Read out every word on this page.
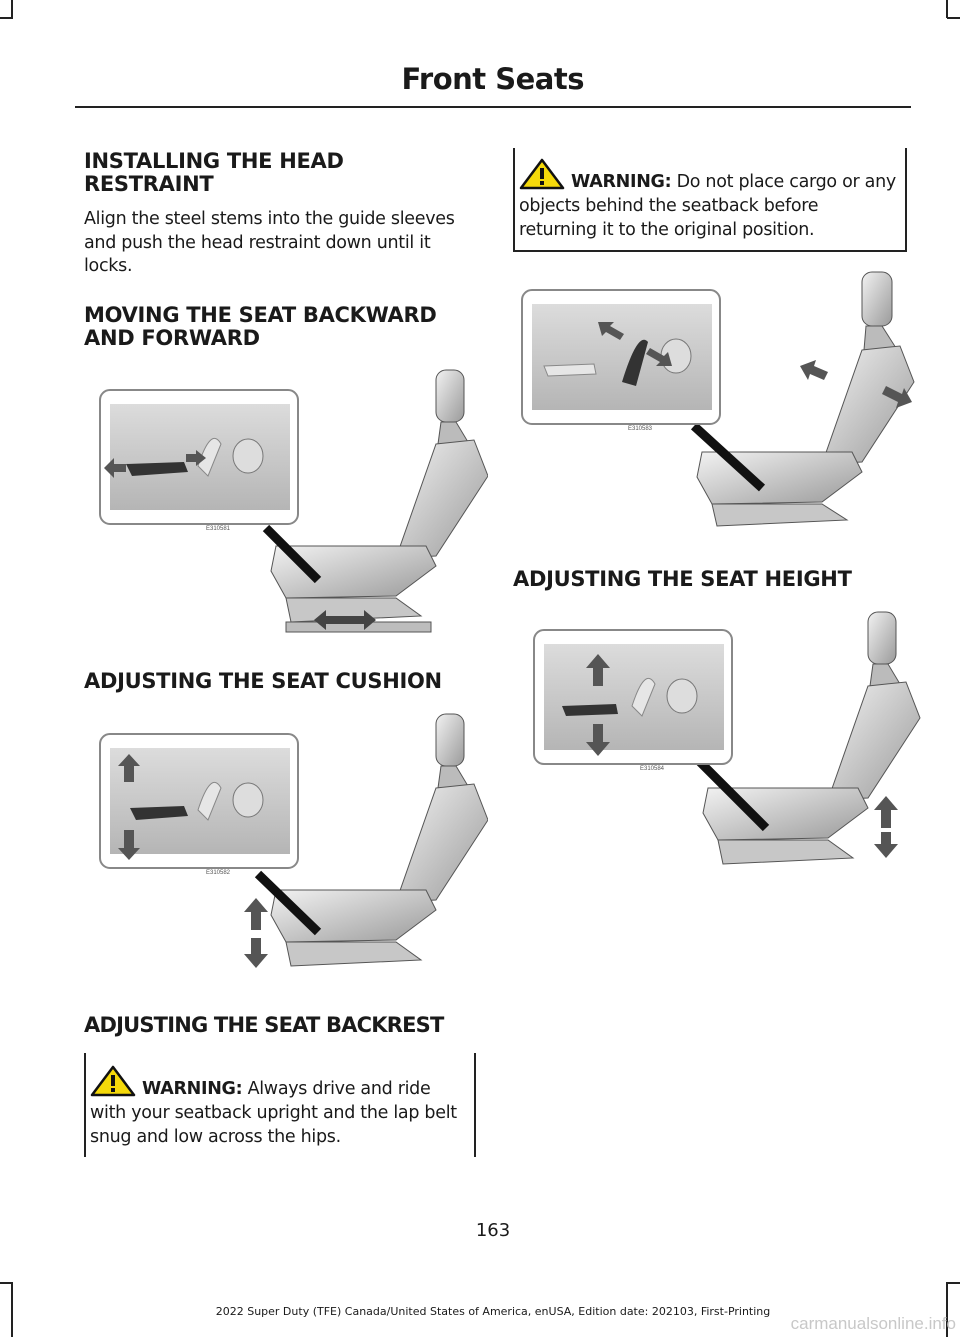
Front Seats
INSTALLING THE HEAD RESTRAINT

Align the steel stems into the guide sleeves and push the head restraint down until it locks.

MOVING THE SEAT BACKWARD AND FORWARD
E310581
ADJUSTING THE SEAT CUSHION
E310582
ADJUSTING THE SEAT BACKREST
WARNING: Always drive and ride with your seatback upright and the lap belt snug and low across the hips.
WARNING: Do not place cargo or any objects behind the seatback before returning it to the original position.
E310583
ADJUSTING THE SEAT HEIGHT
E310584
163
2022 Super Duty (TFE) Canada/United States of America, enUSA, Edition date: 202103, First-Printing
carmanualsonline.info
